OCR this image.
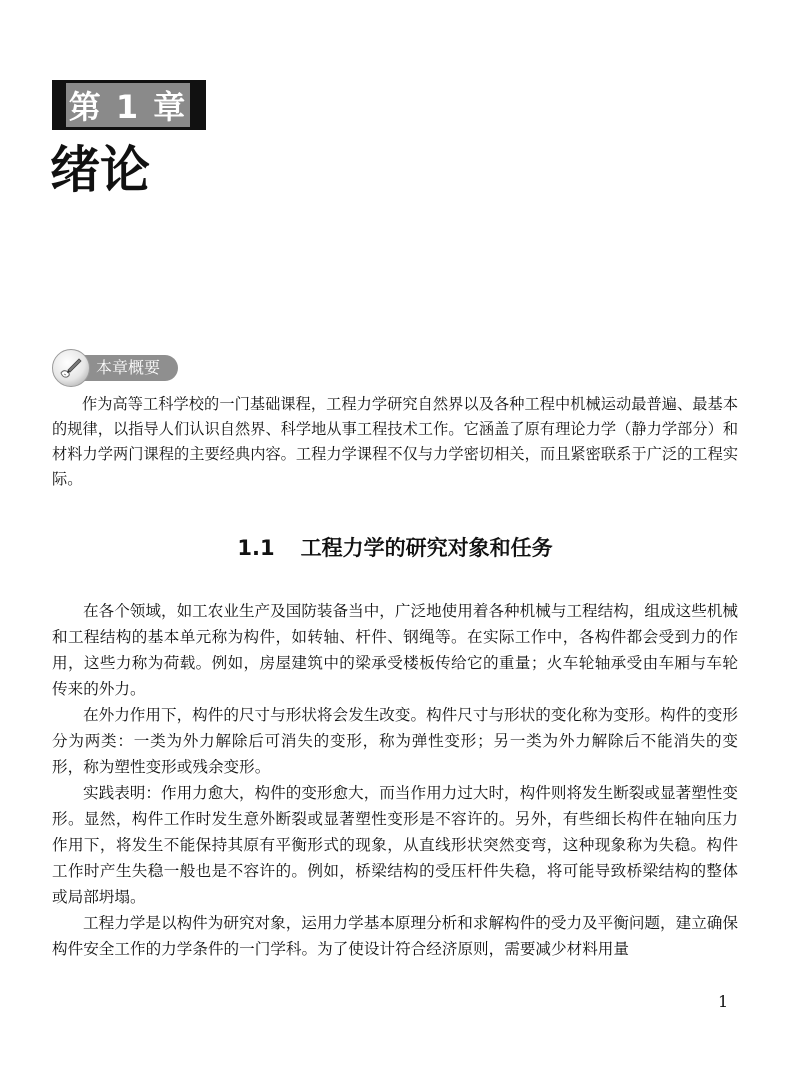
第 1 章
绪论
本章概要

作为高等工科学校的一门基础课程，工程力学研究自然界以及各种工程中机械运动最普遍、最基本的规律，以指导人们认识自然界、科学地从事工程技术工作。它涵盖了原有理论力学（静力学部分）和材料力学两门课程的主要经典内容。工程力学课程不仅与力学密切相关，而且紧密联系于广泛的工程实际。

1.1 工程力学的研究对象和任务

在各个领域，如工农业生产及国防装备当中，广泛地使用着各种机械与工程结构，组成这些机械和工程结构的基本单元称为构件，如转轴、杆件、钢绳等。在实际工作中，各构件都会受到力的作用，这些力称为荷载。例如，房屋建筑中的梁承受楼板传给它的重量；火车轮轴承受由车厢与车轮传来的外力。

在外力作用下，构件的尺寸与形状将会发生改变。构件尺寸与形状的变化称为变形。构件的变形分为两类：一类为外力解除后可消失的变形，称为弹性变形；另一类为外力解除后不能消失的变形，称为塑性变形或残余变形。

实践表明：作用力愈大，构件的变形愈大，而当作用力过大时，构件则将发生断裂或显著塑性变形。显然，构件工作时发生意外断裂或显著塑性变形是不容许的。另外，有些细长构件在轴向压力作用下，将发生不能保持其原有平衡形式的现象，从直线形状突然变弯，这种现象称为失稳。构件工作时产生失稳一般也是不容许的。例如，桥梁结构的受压杆件失稳，将可能导致桥梁结构的整体或局部坍塌。

工程力学是以构件为研究对象，运用力学基本原理分析和求解构件的受力及平衡问题，建立确保构件安全工作的力学条件的一门学科。为了使设计符合经济原则，需要减少材料用量

1
